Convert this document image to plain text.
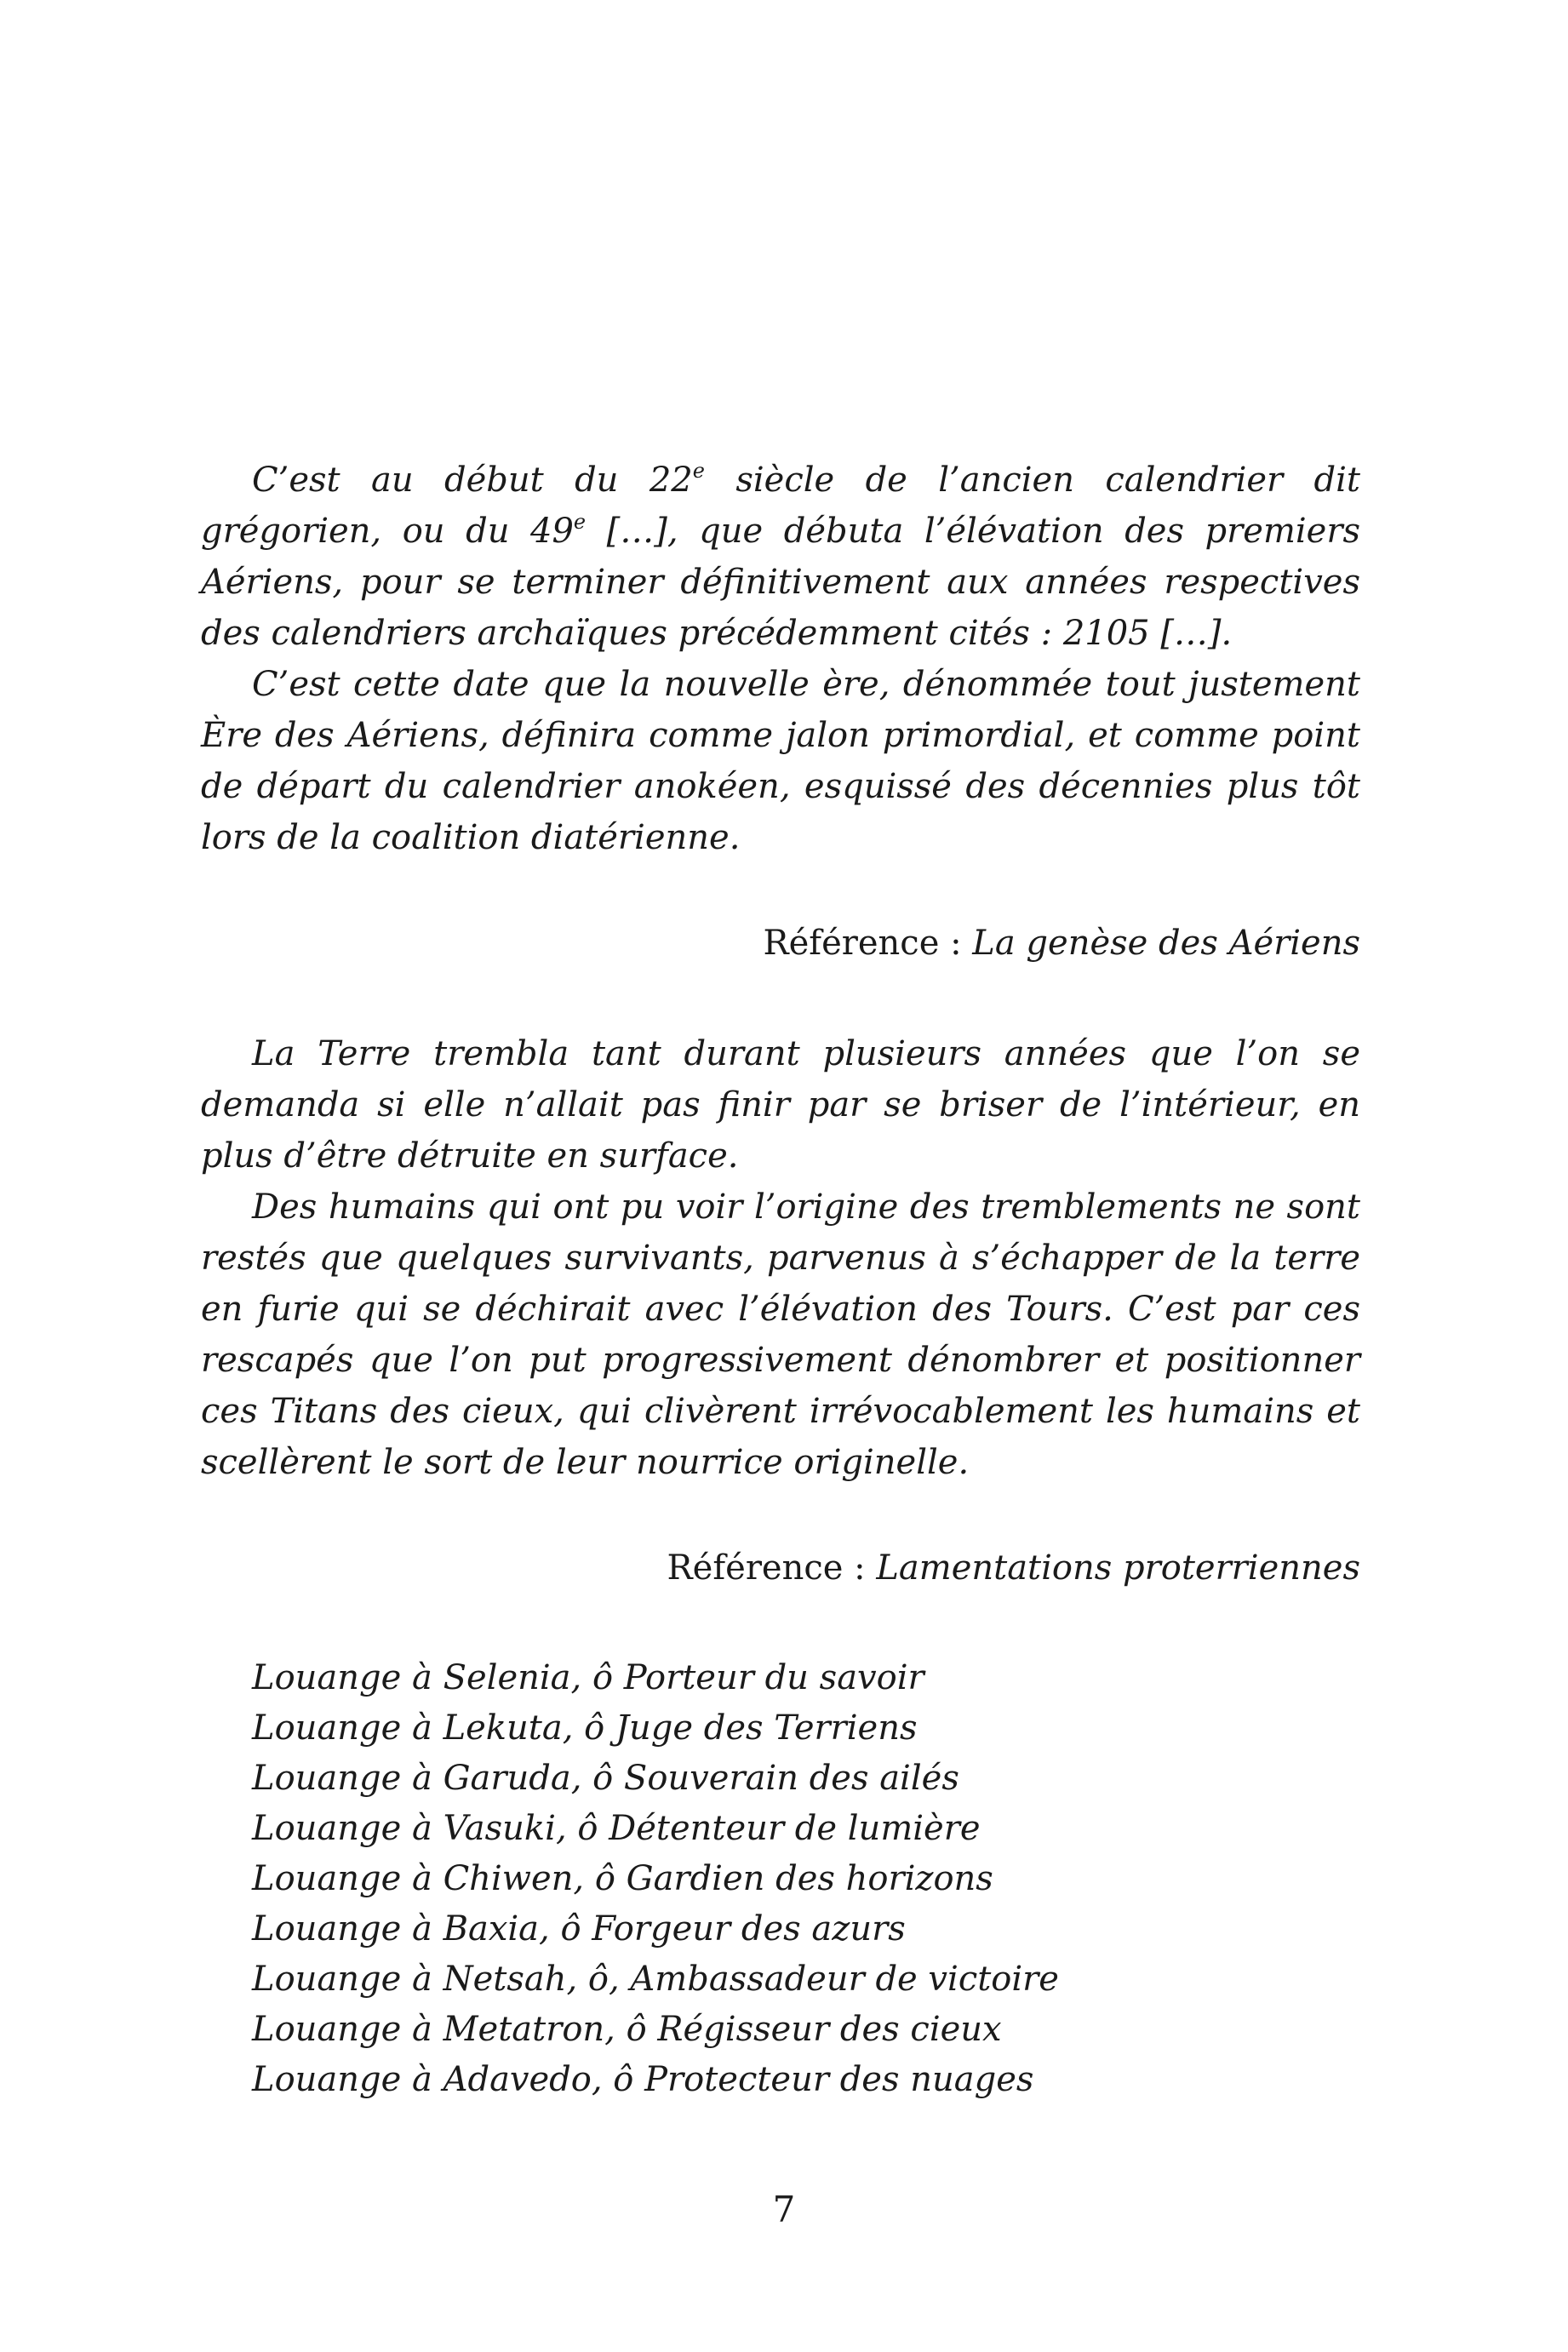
C’est au début du 22e siècle de l’ancien calendrier dit grégorien, ou du 49e […], que débuta l’élévation des premiers Aériens, pour se terminer définitivement aux années respectives des calendriers archaïques précédemment cités : 2105 […].

C’est cette date que la nouvelle ère, dénommée tout justement Ère des Aériens, définira comme jalon primordial, et comme point de départ du calendrier anokéen, esquissé des décennies plus tôt lors de la coalition diatérienne.

Référence : La genèse des Aériens

La Terre trembla tant durant plusieurs années que l’on se demanda si elle n’allait pas finir par se briser de l’intérieur, en plus d’être détruite en surface.

Des humains qui ont pu voir l’origine des tremblements ne sont restés que quelques survivants, parvenus à s’échapper de la terre en furie qui se déchirait avec l’élévation des Tours. C’est par ces rescapés que l’on put progressivement dénombrer et positionner ces Titans des cieux, qui clivèrent irrévocablement les humains et scellèrent le sort de leur nourrice originelle.

Référence : Lamentations proterriennes

Louange à Selenia, ô Porteur du savoir
Louange à Lekuta, ô Juge des Terriens
Louange à Garuda, ô Souverain des ailés
Louange à Vasuki, ô Détenteur de lumière
Louange à Chiwen, ô Gardien des horizons
Louange à Baxia, ô Forgeur des azurs
Louange à Netsah, ô, Ambassadeur de victoire
Louange à Metatron, ô Régisseur des cieux
Louange à Adavedo, ô Protecteur des nuages
7
